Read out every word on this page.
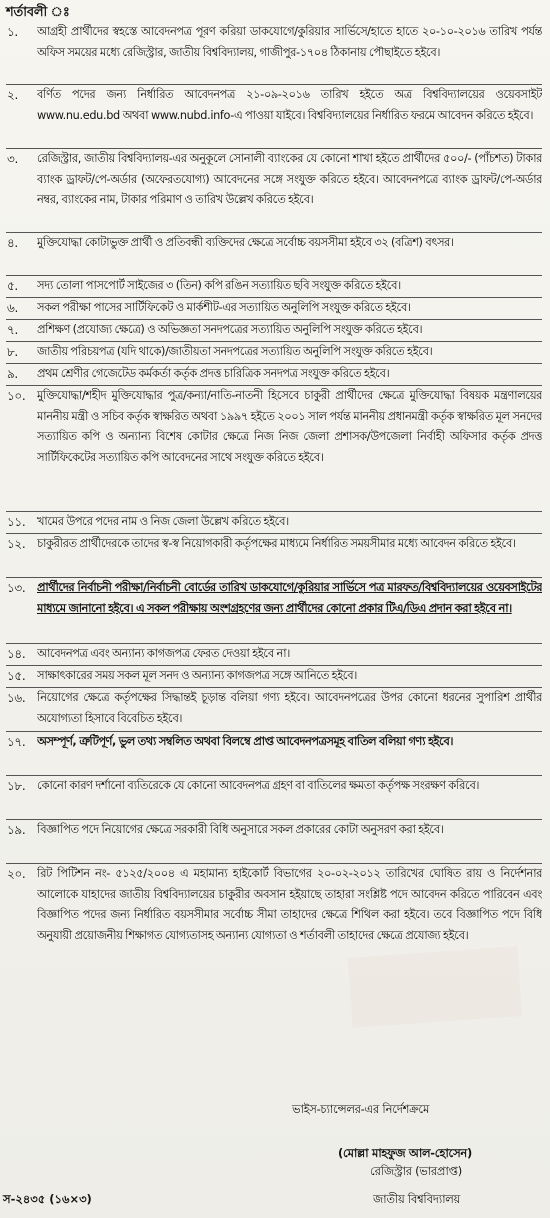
শর্তাবলী ঃ
১.	আগ্রহী প্রার্থীদের স্বহস্তে আবেদনপত্র পূরণ করিয়া ডাকযোগে/কুরিয়ার সার্ভিসে/হাতে হাতে ২০-১০-২০১৬ তারিখ পর্যন্ত অফিস সময়ের মধ্যে রেজিস্ট্রার, জাতীয় বিশ্ববিদ্যালয়, গাজীপুর-১৭০৪ ঠিকানায় পৌছাইতে হইবে।
২.	বর্ণিত পদের জন্য নির্ধারিত আবেদনপত্র ২১-০৯-২০১৬ তারিখ হইতে অত্র বিশ্ববিদ্যালয়ের ওয়েবসাইট www.nu.edu.bd অথবা www.nubd.info-এ পাওয়া যাইবে। বিশ্ববিদ্যালয়ের নির্ধারিত ফরমে আবেদন করিতে হইবে।
৩.	রেজিস্ট্রার, জাতীয় বিশ্ববিদ্যালয়-এর অনুকূলে সোনালী ব্যাংকের যে কোনো শাখা হইতে প্রার্থীদের ৫০০/- (পাঁচশত) টাকার ব্যাংক ড্রাফট/পে-অর্ডার (অফেরতযোগ্য) আবেদনের সঙ্গে সংযুক্ত করিতে হইবে। আবেদনপত্রে ব্যাংক ড্রাফট/পে-অর্ডার নম্বর, ব্যাংকের নাম, টাকার পরিমাণ ও তারিখ উল্লেখ করিতে হইবে।
৪.	মুক্তিযোদ্ধা কোটাভুক্ত প্রার্থী ও প্রতিবন্ধী ব্যক্তিদের ক্ষেত্রে সর্বোচ্চ বয়সসীমা হইবে ৩২ (বত্রিশ) বৎসর।
৫.	সদ্য তোলা পাসপোর্ট সাইজের ৩ (তিন) কপি রঙিন সত্যায়িত ছবি সংযুক্ত করিতে হইবে।
৬.	সকল পরীক্ষা পাসের সার্টিফিকেট ও মার্কশীট-এর সত্যায়িত অনুলিপি সংযুক্ত করিতে হইবে।
৭.	প্রশিক্ষণ (প্রযোজ্য ক্ষেত্রে) ও অভিজ্ঞতা সনদপত্রের সত্যায়িত অনুলিপি সংযুক্ত করিতে হইবে।
৮.	জাতীয় পরিচয়পত্র (যদি থাকে)/জাতীয়তা সনদপত্রের সত্যায়িত অনুলিপি সংযুক্ত করিতে হইবে।
৯.	প্রথম শ্রেণীর গেজেটেড কর্মকর্তা কর্তৃক প্রদত্ত চারিত্রিক সনদপত্র সংযুক্ত করিতে হইবে।
১০.	মুক্তিযোদ্ধা/শহীদ মুক্তিযোদ্ধার পুত্র/কন্যা/নাতি-নাতনী হিসেবে চাকুরী প্রার্থীদের ক্ষেত্রে মুক্তিযোদ্ধা বিষয়ক মন্ত্রণালয়ের মাননীয় মন্ত্রী ও সচিব কর্তৃক স্বাক্ষরিত অথবা ১৯৯৭ হইতে ২০০১ সাল পর্যন্ত মাননীয় প্রধানমন্ত্রী কর্তৃক স্বাক্ষরিত মূল সনদের সত্যায়িত কপি ও অন্যান্য বিশেষ কোটার ক্ষেত্রে নিজ নিজ জেলা প্রশাসক/উপজেলা নির্বাহী অফিসার কর্তৃক প্রদত্ত সার্টিফিকেটের সত্যায়িত কপি আবেদনের সাথে সংযুক্ত করিতে হইবে।
১১.	খামের উপরে পদের নাম ও নিজ জেলা উল্লেখ করিতে হইবে।
১২.	চাকুরীরত প্রার্থীদেরকে তাদের স্ব-স্ব নিয়োগকারী কর্তৃপক্ষের মাধ্যমে নির্ধারিত সময়সীমার মধ্যে আবেদন করিতে হইবে।
১৩.	প্রার্থীদের নির্বাচনী পরীক্ষা/নির্বাচনী বোর্ডের তারিখ ডাকযোগে/কুরিয়ার সার্ভিসে পত্র মারফত/বিশ্ববিদ্যালয়ের ওয়েবসাইটের মাধ্যমে জানানো হইবে। এ সকল পরীক্ষায় অংশগ্রহণের জন্য প্রার্থীদের কোনো প্রকার টিএ/ডিএ প্রদান করা হইবে না।
১৪.	আবেদনপত্র এবং অন্যান্য কাগজপত্র ফেরত দেওয়া হইবে না।
১৫.	সাক্ষাৎকারের সময় সকল মূল সনদ ও অন্যান্য কাগজপত্র সঙ্গে আনিতে হইবে।
১৬.	নিয়োগের ক্ষেত্রে কর্তৃপক্ষের সিদ্ধান্তই চূড়ান্ত বলিয়া গণ্য হইবে। আবেদনপত্রের উপর কোনো ধরনের সুপারিশ প্রার্থীর অযোগ্যতা হিসাবে বিবেচিত হইবে।
১৭.	অসম্পূর্ণ, ত্রুটিপূর্ণ, ভুল তথ্য সম্বলিত অথবা বিলম্বে প্রাপ্ত আবেদনপত্রসমূহ বাতিল বলিয়া গণ্য হইবে।
১৮.	কোনো কারণ দর্শানো ব্যতিরেকে যে কোনো আবেদনপত্র গ্রহণ বা বাতিলের ক্ষমতা কর্তৃপক্ষ সংরক্ষণ করিবে।
১৯.	বিজ্ঞাপিত পদে নিয়োগের ক্ষেত্রে সরকারী বিধি অনুসারে সকল প্রকারের কোটা অনুসরণ করা হইবে।
২০.	রিট পিটিশন নং- ৫১২৫/২০০৪ এ মহামান্য হাইকোর্ট বিভাগের ২০-০২-২০১২ তারিখের ঘোষিত রায় ও নির্দেশনার আলোকে যাহাদের জাতীয় বিশ্ববিদ্যালয়ের চাকুরীর অবসান হইয়াছে তাহারা সংশ্লিষ্ট পদে আবেদন করিতে পারিবেন এবং বিজ্ঞাপিত পদের জন্য নির্ধারিত বয়সসীমার সর্বোচ্চ সীমা তাহাদের ক্ষেত্রে শিথিল করা হইবে। তবে বিজ্ঞাপিত পদে বিধি অনুযায়ী প্রয়োজনীয় শিক্ষাগত যোগ্যতাসহ অন্যান্য যোগ্যতা ও শর্তাবলী তাহাদের ক্ষেত্রে প্রযোজ্য হইবে।
ভাইস-চ্যান্সেলর-এর নির্দেশক্রমে
(মোল্লা মাহফুজ আল-হোসেন)
রেজিস্ট্রার (ভারপ্রাপ্ত)
জাতীয় বিশ্ববিদ্যালয়
স-২৪৩৫ (১৬×৩)
